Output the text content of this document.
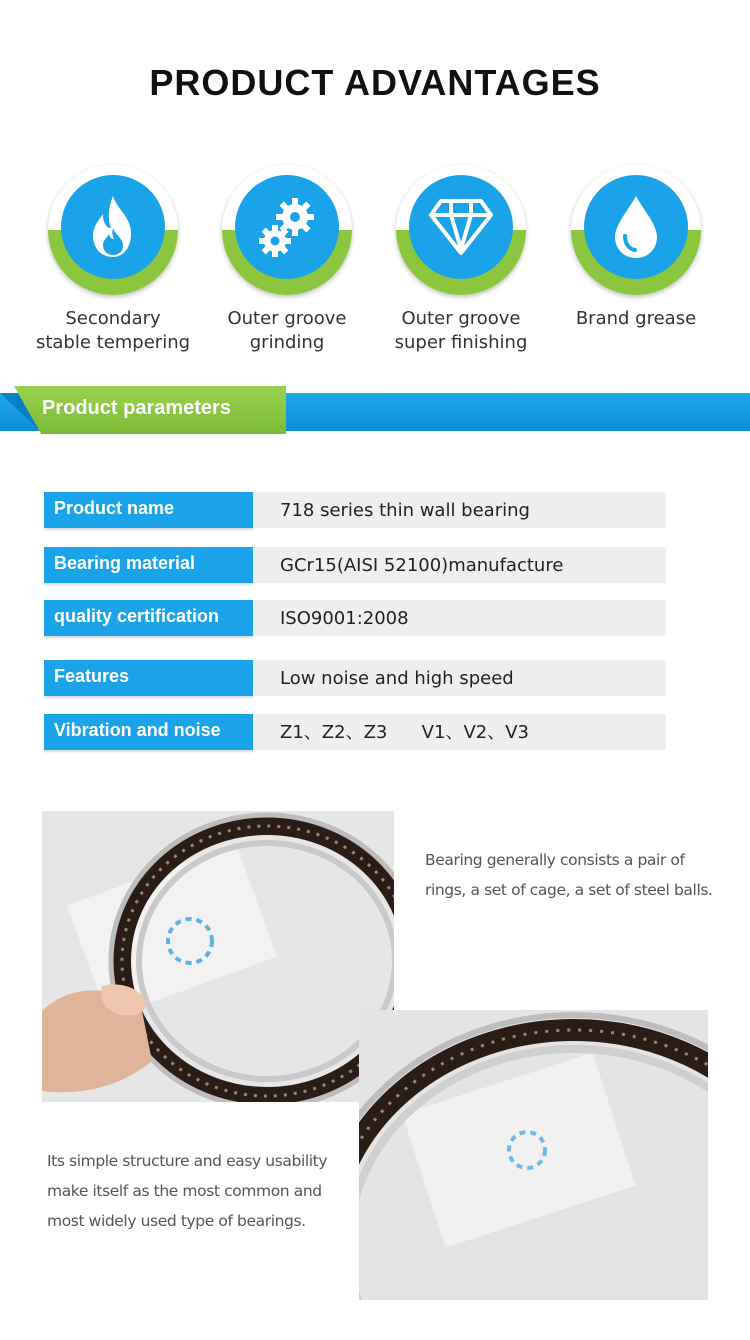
PRODUCT ADVANTAGES
Secondary
stable tempering
Outer groove
grinding
Outer groove
super finishing
Brand grease
Product parameters
Product name	718 series thin wall bearing
Bearing material	GCr15(AISI 52100)manufacture
quality certification	ISO9001:2008
Features	Low noise and high speed
Vibration and noise	Z1、Z2、Z3      V1、V2、V3
Bearing generally consists a pair of
rings, a set of cage, a set of steel balls.
Its simple structure and easy usability
make itself as the most common and
most widely used type of bearings.
